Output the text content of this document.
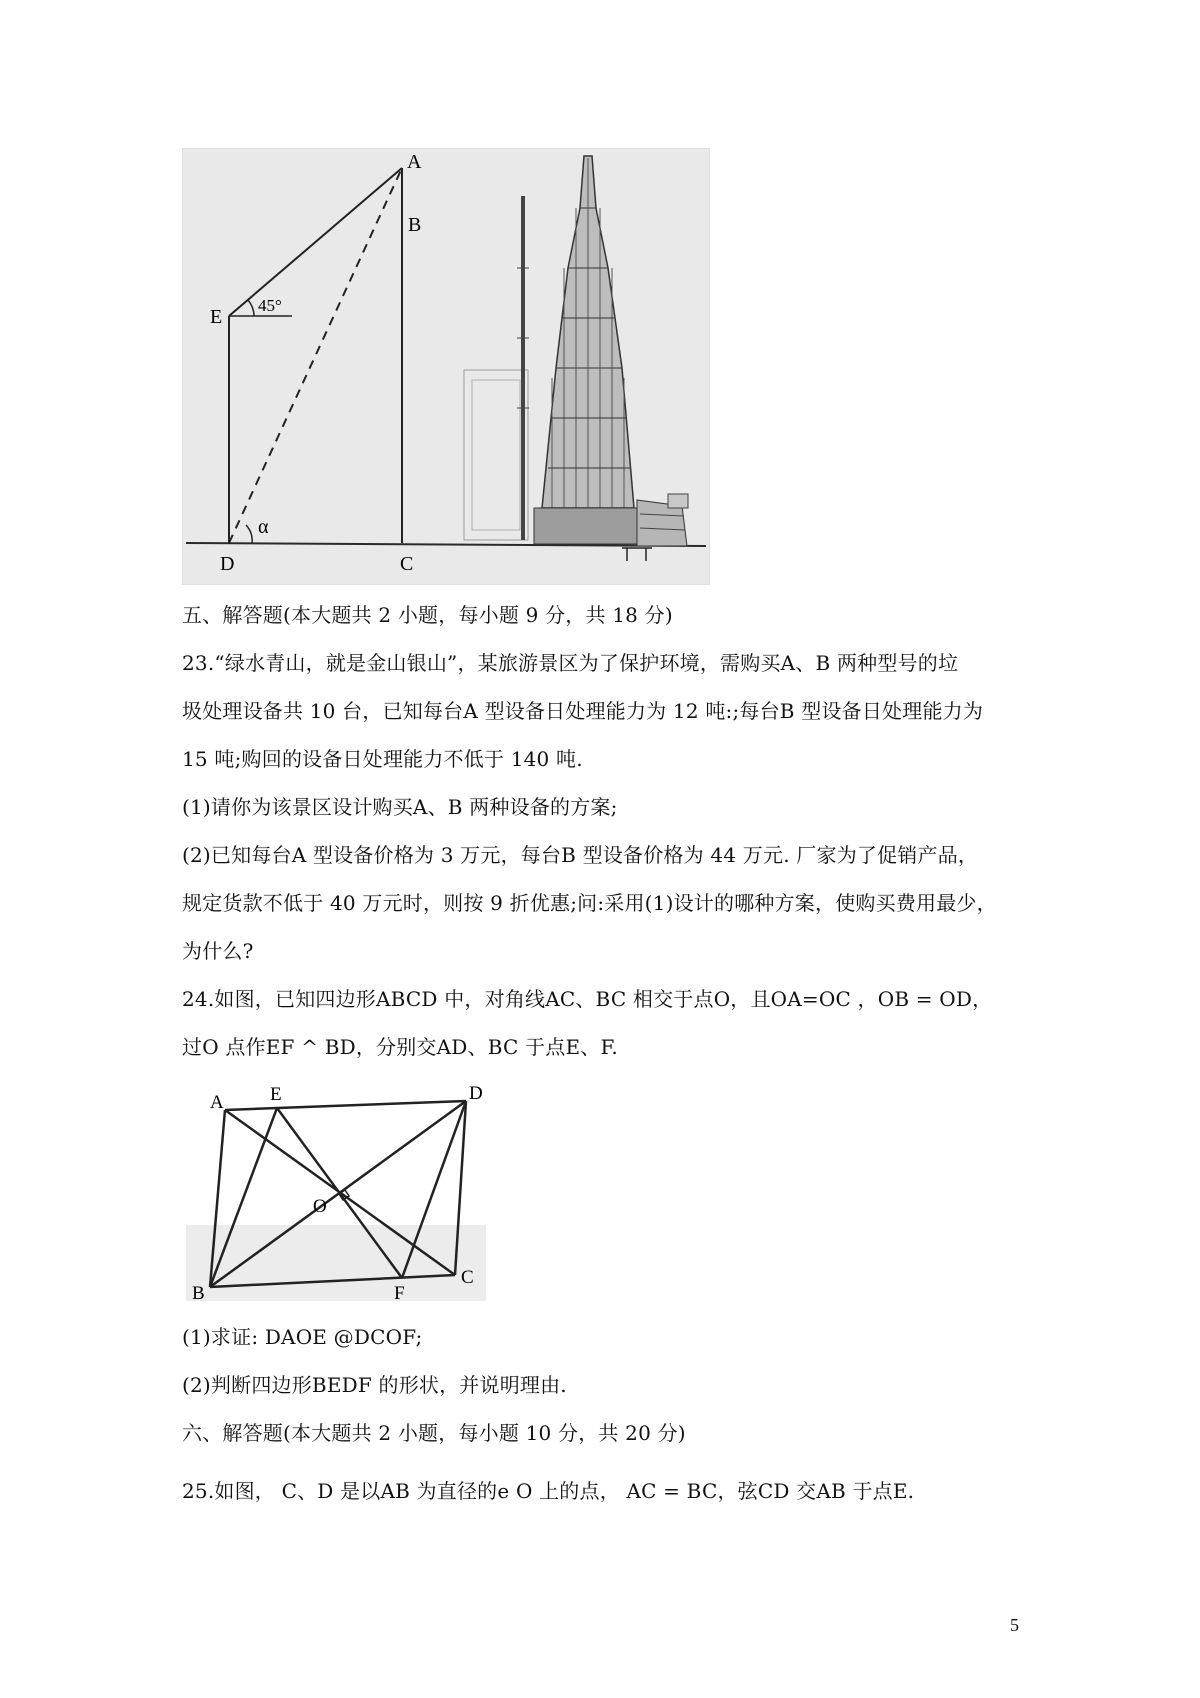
A
B
C
D
E
45°
α
五、解答题(本大题共 2 小题，每小题 9 分，共 18 分)
23.“绿水青山，就是金山银山”，某旅游景区为了保护环境，需购买A、B 两种型号的垃
圾处理设备共 10 台，已知每台A 型设备日处理能力为 12 吨:;每台B 型设备日处理能力为
15 吨;购回的设备日处理能力不低于 140 吨.
(1)请你为该景区设计购买A、B 两种设备的方案;
(2)已知每台A 型设备价格为 3 万元，每台B 型设备价格为 44 万元. 厂家为了促销产品，
规定货款不低于 40 万元时，则按 9 折优惠;问:采用(1)设计的哪种方案，使购买费用最少，
为什么?
24.如图，已知四边形ABCD 中，对角线AC、BC 相交于点O，且OA=OC ，OB = OD，
过O 点作EF ^ BD，分别交AD、BC 于点E、F.
A E	D
O
B	F
C
(1)求证: DAOE @DCOF;
(2)判断四边形BEDF 的形状，并说明理由.
六、解答题(本大题共 2 小题，每小题 10 分，共 20 分)
25.如图， C、D 是以AB 为直径的e O 上的点， AC = BC，弦CD 交AB 于点E.
5
